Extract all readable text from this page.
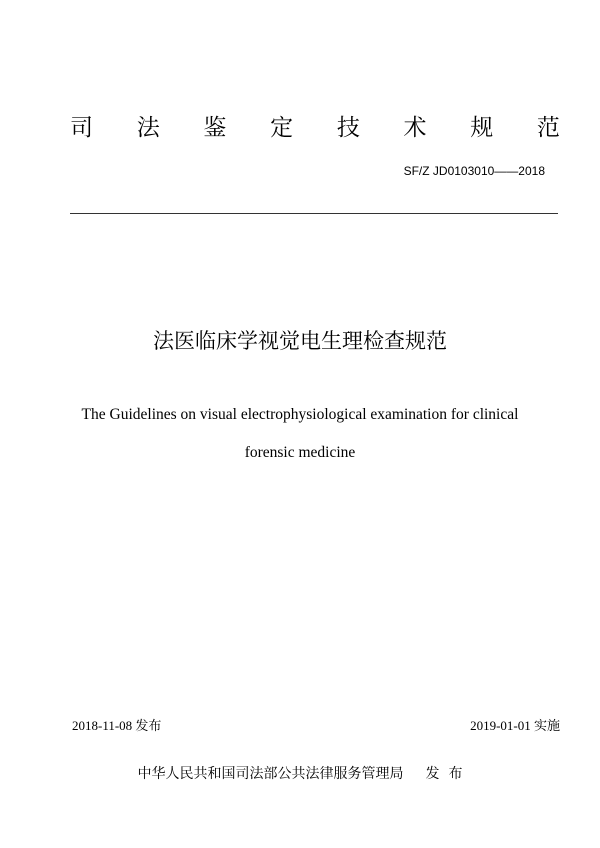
司 法 鉴 定 技 术 规 范
SF/Z JD0103010——2018
法医临床学视觉电生理检查规范
The Guidelines on visual electrophysiological examination for clinical
forensic medicine
2018-11-08 发布	2019-01-01 实施
中华人民共和国司法部公共法律服务管理局 发  布
